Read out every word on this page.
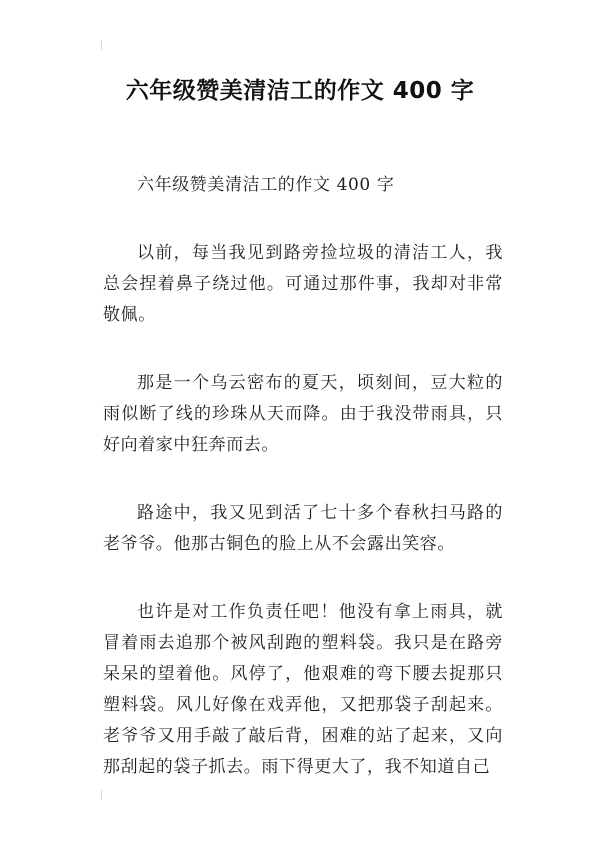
六年级赞美清洁工的作文 400 字

六年级赞美清洁工的作文 400 字

以前，每当我见到路旁捡垃圾的清洁工人，我总会捏着鼻子绕过他。可通过那件事，我却对非常敬佩。

那是一个乌云密布的夏天，顷刻间，豆大粒的雨似断了线的珍珠从天而降。由于我没带雨具，只好向着家中狂奔而去。

路途中，我又见到活了七十多个春秋扫马路的老爷爷。他那古铜色的脸上从不会露出笑容。

也许是对工作负责任吧！他没有拿上雨具，就冒着雨去追那个被风刮跑的塑料袋。我只是在路旁呆呆的望着他。风停了，他艰难的弯下腰去捉那只塑料袋。风儿好像在戏弄他，又把那袋子刮起来。老爷爷又用手敲了敲后背，困难的站了起来，又向那刮起的袋子抓去。雨下得更大了，我不知道自己
